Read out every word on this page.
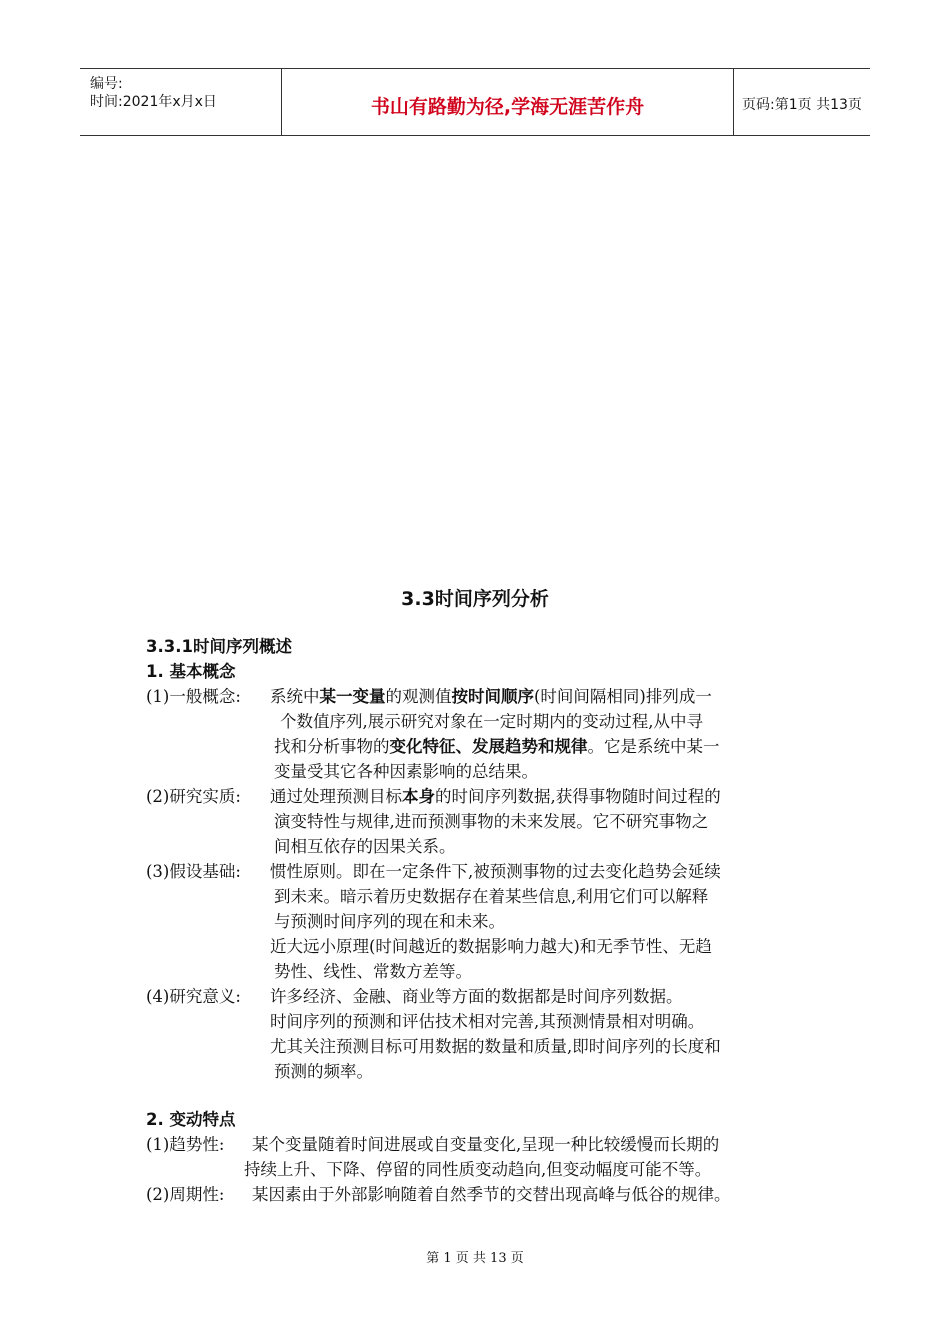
编号:
时间:2021年x月x日	书山有路勤为径,学海无涯苦作舟	页码:第1页 共13页
3.3时间序列分析
3.3.1时间序列概述
1. 基本概念
(1)一般概念: 系统中某一变量的观测值按时间顺序(时间间隔相同)排列成一
个数值序列,展示研究对象在一定时期内的变动过程,从中寻
找和分析事物的变化特征、发展趋势和规律。它是系统中某一
变量受其它各种因素影响的总结果。
(2)研究实质: 通过处理预测目标本身的时间序列数据,获得事物随时间过程的
演变特性与规律,进而预测事物的未来发展。它不研究事物之
间相互依存的因果关系。
(3)假设基础: 惯性原则。即在一定条件下,被预测事物的过去变化趋势会延续
到未来。暗示着历史数据存在着某些信息,利用它们可以解释
与预测时间序列的现在和未来。
近大远小原理(时间越近的数据影响力越大)和无季节性、无趋
势性、线性、常数方差等。
(4)研究意义: 许多经济、金融、商业等方面的数据都是时间序列数据。
时间序列的预测和评估技术相对完善,其预测情景相对明确。
尤其关注预测目标可用数据的数量和质量,即时间序列的长度和
预测的频率。
2. 变动特点
(1)趋势性: 某个变量随着时间进展或自变量变化,呈现一种比较缓慢而长期的
持续上升、下降、停留的同性质变动趋向,但变动幅度可能不等。
(2)周期性: 某因素由于外部影响随着自然季节的交替出现高峰与低谷的规律。
第 1 页 共 13 页
